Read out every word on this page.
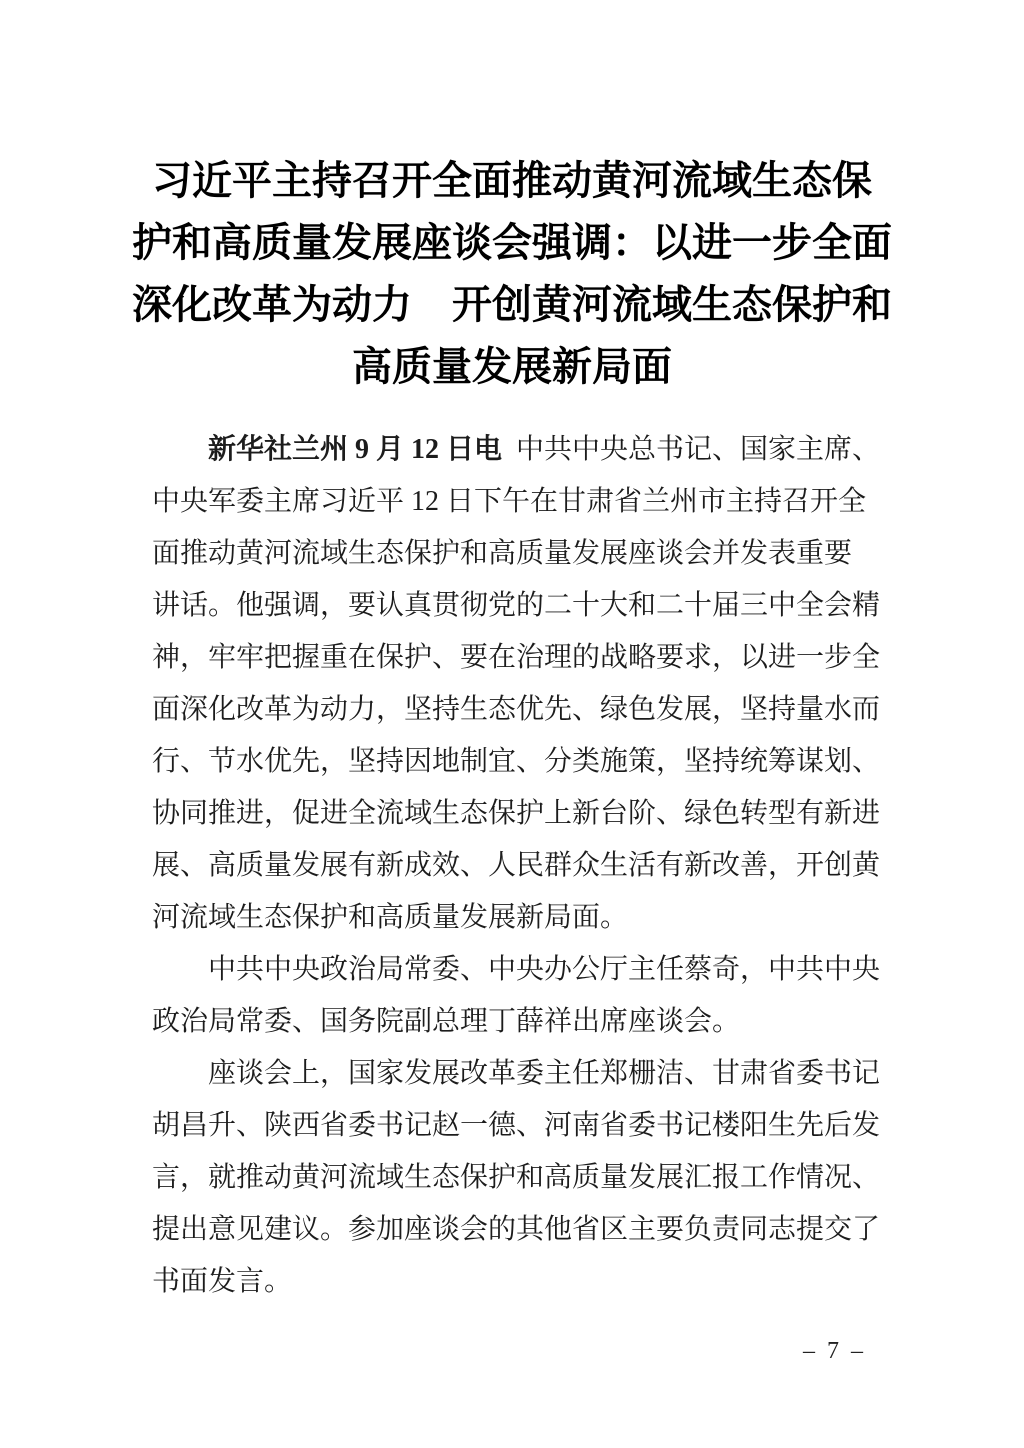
习近平主持召开全面推动黄河流域生态保
护和高质量发展座谈会强调：以进一步全面
深化改革为动力　开创黄河流域生态保护和
高质量发展新局面
新华社兰州 9 月 12 日电 中共中央总书记、国家主席、
中央军委主席习近平 12 日下午在甘肃省兰州市主持召开全
面推动黄河流域生态保护和高质量发展座谈会并发表重要
讲话。他强调，要认真贯彻党的二十大和二十届三中全会精
神，牢牢把握重在保护、要在治理的战略要求，以进一步全
面深化改革为动力，坚持生态优先、绿色发展，坚持量水而
行、节水优先，坚持因地制宜、分类施策，坚持统筹谋划、
协同推进，促进全流域生态保护上新台阶、绿色转型有新进
展、高质量发展有新成效、人民群众生活有新改善，开创黄
河流域生态保护和高质量发展新局面。
中共中央政治局常委、中央办公厅主任蔡奇，中共中央
政治局常委、国务院副总理丁薛祥出席座谈会。
座谈会上，国家发展改革委主任郑栅洁、甘肃省委书记
胡昌升、陕西省委书记赵一德、河南省委书记楼阳生先后发
言，就推动黄河流域生态保护和高质量发展汇报工作情况、
提出意见建议。参加座谈会的其他省区主要负责同志提交了
书面发言。
– 7 –
